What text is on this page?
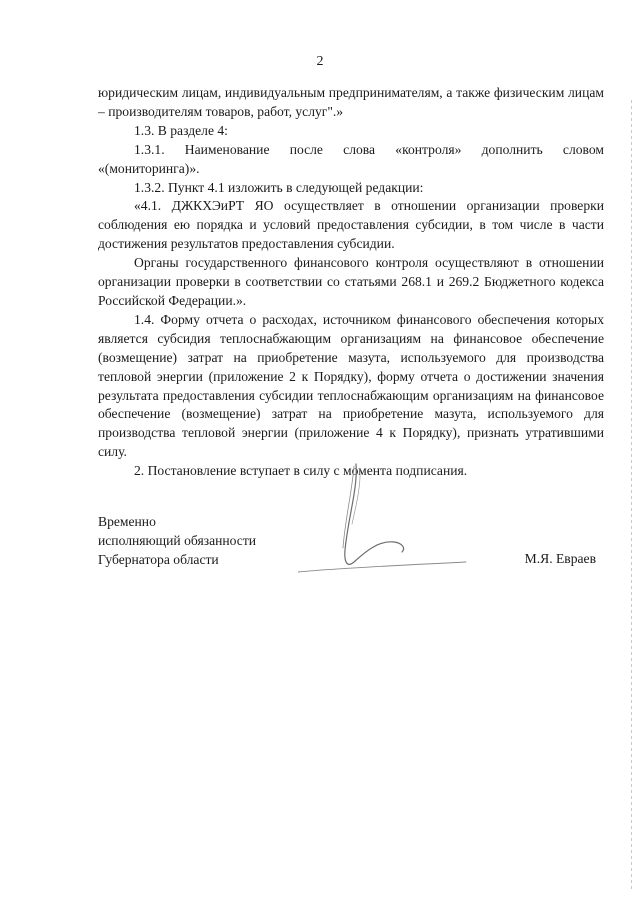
2

юридическим лицам, индивидуальным предпринимателям, а также физическим лицам – производителям товаров, работ, услуг".»

1.3. В разделе 4:

1.3.1. Наименование после слова «контроля» дополнить словом «(мониторинга)».

1.3.2. Пункт 4.1 изложить в следующей редакции:

«4.1. ДЖКХЭиРТ ЯО осуществляет в отношении организации проверки соблюдения ею порядка и условий предоставления субсидии, в том числе в части достижения результатов предоставления субсидии.

Органы государственного финансового контроля осуществляют в отношении организации проверки в соответствии со статьями 268.1 и 269.2 Бюджетного кодекса Российской Федерации.».

1.4. Форму отчета о расходах, источником финансового обеспечения которых является субсидия теплоснабжающим организациям на финансовое обеспечение (возмещение) затрат на приобретение мазута, используемого для производства тепловой энергии (приложение 2 к Порядку), форму отчета о достижении значения результата предоставления субсидии теплоснабжающим организациям на финансовое обеспечение (возмещение) затрат на приобретение мазута, используемого для производства тепловой энергии (приложение 4 к Порядку), признать утратившими силу.

2. Постановление вступает в силу с момента подписания.

Временно
исполняющий обязанности
Губернатора области	М.Я. Евраев
